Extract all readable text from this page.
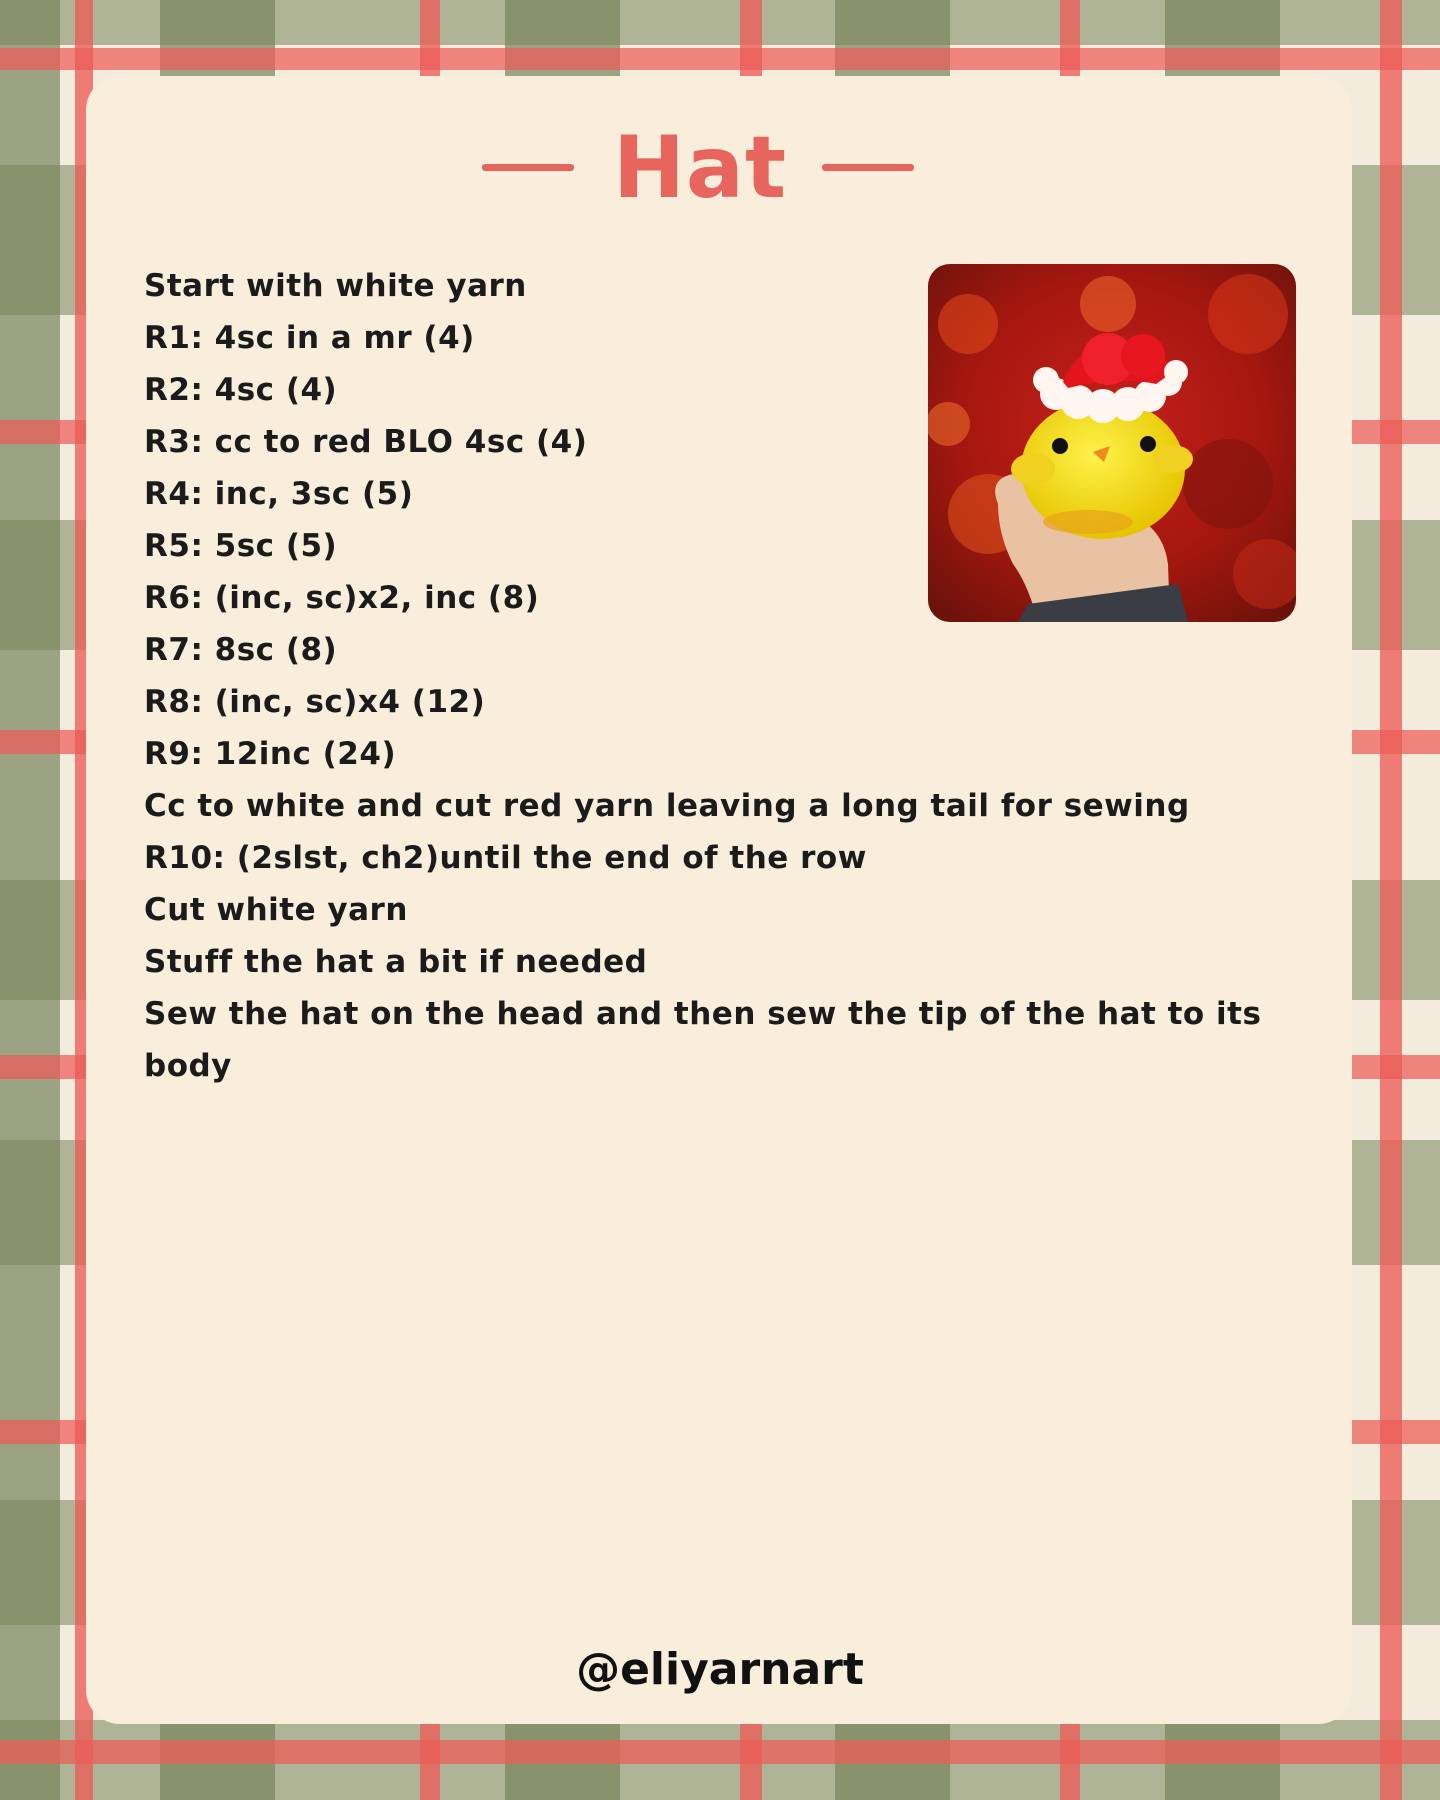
Hat
Start with white yarn
R1: 4sc in a mr (4)
R2: 4sc (4)
R3: cc to red BLO 4sc (4)
R4: inc, 3sc (5)
R5: 5sc (5)
R6: (inc, sc)x2, inc (8)
R7: 8sc (8)
R8: (inc, sc)x4 (12)
R9: 12inc (24)
Cc to white and cut red yarn leaving a long tail for sewing
R10: (2slst, ch2)until the end of the row
Cut white yarn
Stuff the hat a bit if needed
Sew the hat on the head and then sew the tip of the hat to its body
@eliyarnart
